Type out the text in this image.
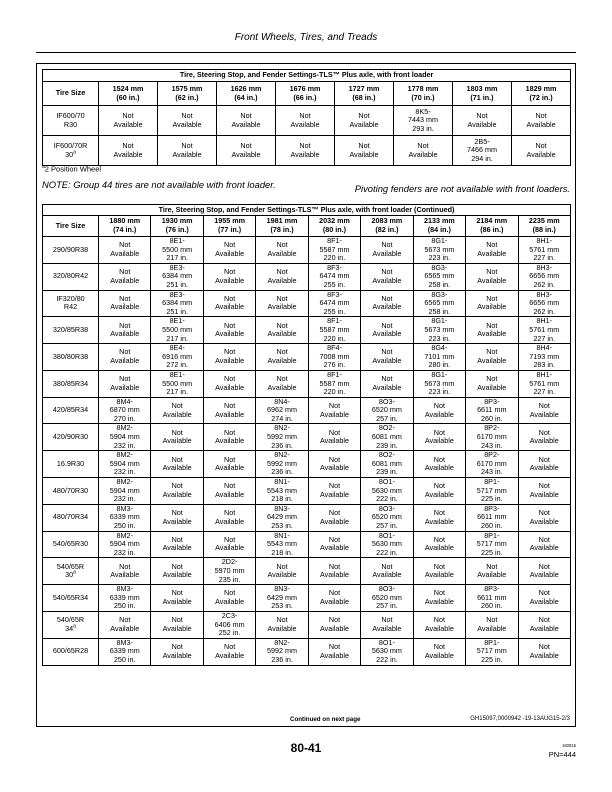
Front Wheels, Tires, and Treads
Tire, Steering Stop, and Fender Settings-TLS™ Plus axle, with front loader								
Tire Size	1524 mm
(60 in.)	1575 mm
(62 in.)	1626 mm
(64 in.)	1676 mm
(66 in.)	1727 mm
(68 in.)	1778 mm
(70 in.)	1803 mm
(71 in.)	1829 mm
(72 in.)
IF600/70
R30	Not
Available	Not
Available	Not
Available	Not
Available	Not
Available	8K5-
7443 mm
293 in.	Not
Available	Not
Available
IF600/70R
30$^a$	Not
Available	Not
Available	Not
Available	Not
Available	Not
Available	Not
Available	2B5-
7466 mm
294 in.	Not
Available
$^a$2 Position Wheel
NOTE: Group 44 tires are not available with front loader.	Pivoting fenders are not available with front loaders.
Tire, Steering Stop, and Fender Settings-TLS™ Plus axle, with front loader (Continued)									
Tire Size	1880 mm
(74 in.)	1930 mm
(76 in.)	1955 mm
(77 in.)	1981 mm
(78 in.)	2032 mm
(80 in.)	2083 mm
(82 in.)	2133 mm
(84 in.)	2184 mm
(86 in.)	2235 mm
(88 in.)
290/90R38	Not
Available	8E1-
5500 mm
217 in.	Not
Available	Not
Available	8F1-
5587 mm
220 in.	Not
Available	8G1-
5673 mm
223 in.	Not
Available	8H1-
5761 mm
227 in.
320/80R42	Not
Available	8E3-
6384 mm
251 in.	Not
Available	Not
Available	8F3-
6474 mm
255 in.	Not
Available	8G3-
6565 mm
258 in.	Not
Available	8H3-
6656 mm
262 in.
IF320/80
R42	Not
Available	8E3-
6384 mm
251 in.	Not
Available	Not
Available	8F3-
6474 mm
255 in.	Not
Available	8G3-
6565 mm
258 in.	Not
Available	8H3-
6656 mm
262 in.
320/85R38	Not
Available	8E1-
5500 mm
217 in.	Not
Available	Not
Available	8F1-
5587 mm
220 in.	Not
Available	8G1-
5673 mm
223 in.	Not
Available	8H1-
5761 mm
227 in.
380/80R38	Not
Available	8E4-
6916 mm
272 in.	Not
Available	Not
Available	8F4-
7008 mm
276 in.	Not
Available	8G4-
7101 mm
280 in.	Not
Available	8H4-
7193 mm
283 in.
380/85R34	Not
Available	8E1-
5500 mm
217 in.	Not
Available	Not
Available	8F1-
5587 mm
220 in.	Not
Available	8G1-
5673 mm
223 in.	Not
Available	8H1-
5761 mm
227 in.
420/85R34	8M4-
6870 mm
270 in.	Not
Available	Not
Available	8N4-
6962 mm
274 in.	Not
Available	8O3-
6520 mm
257 in.	Not
Available	8P3-
6611 mm
260 in.	Not
Available
420/90R30	8M2-
5904 mm
232 in.	Not
Available	Not
Available	8N2-
5992 mm
236 in.	Not
Available	8O2-
6081 mm
239 in.	Not
Available	8P2-
6170 mm
243 in.	Not
Available
16.9R30	8M2-
5904 mm
232 in.	Not
Available	Not
Available	8N2-
5992 mm
236 in.	Not
Available	8O2-
6081 mm
239 in.	Not
Available	8P2-
6170 mm
243 in.	Not
Available
480/70R30	8M2-
5904 mm
232 in.	Not
Available	Not
Available	8N1-
5543 mm
218 in.	Not
Available	8O1-
5630 mm
222 in.	Not
Available	8P1-
5717 mm
225 in.	Not
Available
480/70R34	8M3-
6339 mm
250 in.	Not
Available	Not
Available	8N3-
6429 mm
253 in.	Not
Available	8O3-
6520 mm
257 in.	Not
Available	8P3-
6611 mm
260 in.	Not
Available
540/65R30	8M2-
5904 mm
232 in.	Not
Available	Not
Available	8N1-
5543 mm
218 in.	Not
Available	8O1-
5630 mm
222 in.	Not
Available	8P1-
5717 mm
225 in.	Not
Available
540/65R
30$^a$	Not
Available	Not
Available	2D2-
5970 mm
235 in.	Not
Available	Not
Available	Not
Available	Not
Available	Not
Available	Not
Available
540/65R34	8M3-
6339 mm
250 in.	Not
Available	Not
Available	8N3-
6429 mm
253 in.	Not
Available	8O3-
6520 mm
257 in.	Not
Available	8P3-
6611 mm
260 in.	Not
Available
540/65R
34$^a$	Not
Available	Not
Available	2C3-
6406 mm
252 in.	Not
Available	Not
Available	Not
Available	Not
Available	Not
Available	Not
Available
600/65R28	8M3-
6339 mm
250 in.	Not
Available	Not
Available	8N2-
5992 mm
236 in.	Not
Available	8O1-
5630 mm
222 in.	Not
Available	8P1-
5717 mm
225 in.	Not
Available
Continued on next page	GH15097,0000942 -19-13AUG15-2/3
80-41	160915
PN=444
